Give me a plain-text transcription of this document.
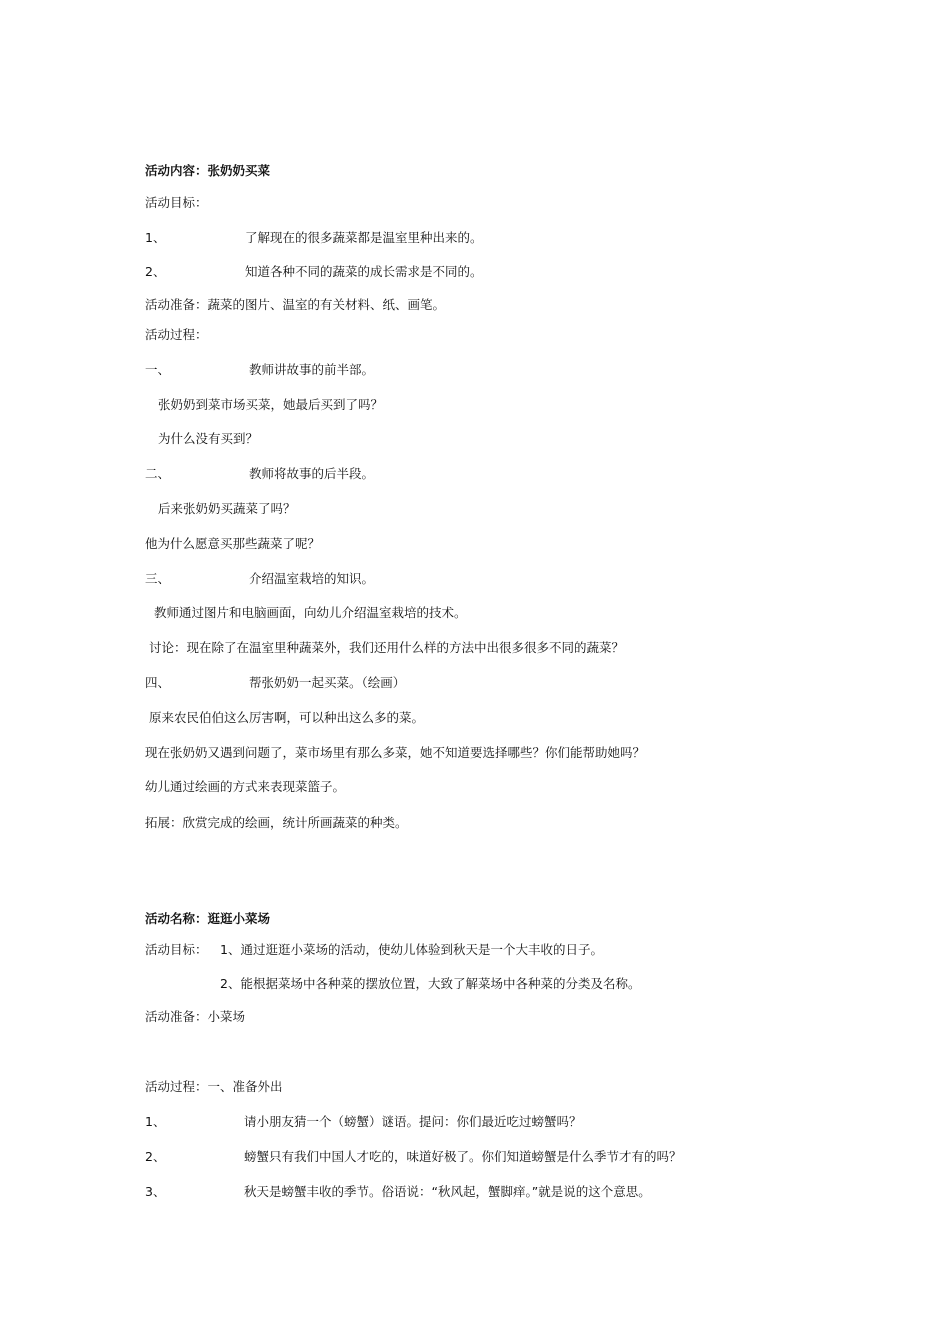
活动内容：张奶奶买菜
活动目标：
1、	了解现在的很多蔬菜都是温室里种出来的。
2、	知道各种不同的蔬菜的成长需求是不同的。
活动准备：蔬菜的图片、温室的有关材料、纸、画笔。
活动过程：
一、	教师讲故事的前半部。
张奶奶到菜市场买菜，她最后买到了吗？
为什么没有买到？
二、	教师将故事的后半段。
后来张奶奶买蔬菜了吗？
他为什么愿意买那些蔬菜了呢？
三、	介绍温室栽培的知识。
教师通过图片和电脑画面，向幼儿介绍温室栽培的技术。
讨论：现在除了在温室里种蔬菜外，我们还用什么样的方法中出很多很多不同的蔬菜？
四、	帮张奶奶一起买菜。（绘画）
原来农民伯伯这么厉害啊，可以种出这么多的菜。
现在张奶奶又遇到问题了，菜市场里有那么多菜，她不知道要选择哪些？你们能帮助她吗？
幼儿通过绘画的方式来表现菜篮子。
拓展：欣赏完成的绘画，统计所画蔬菜的种类。
活动名称：逛逛小菜场
活动目标： 1、通过逛逛小菜场的活动，使幼儿体验到秋天是一个大丰收的日子。
2、能根据菜场中各种菜的摆放位置，大致了解菜场中各种菜的分类及名称。
活动准备：小菜场
活动过程：一、准备外出
1、	请小朋友猜一个（螃蟹）谜语。提问：你们最近吃过螃蟹吗？
2、	螃蟹只有我们中国人才吃的，味道好极了。你们知道螃蟹是什么季节才有的吗？
3、	秋天是螃蟹丰收的季节。俗语说：“秋风起，蟹脚痒。”就是说的这个意思。
